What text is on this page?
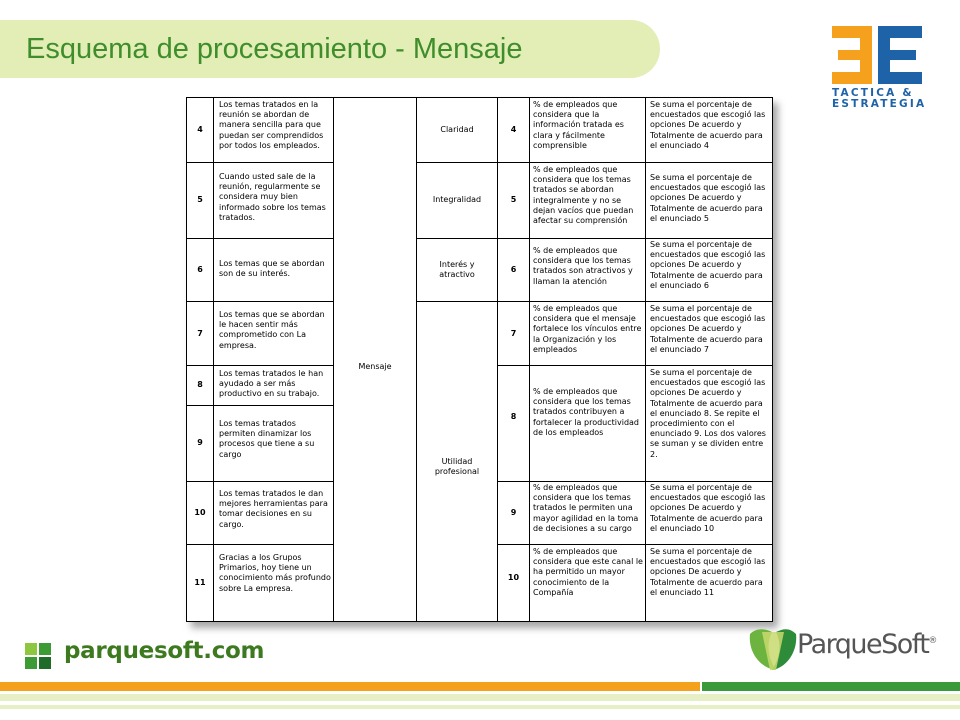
Esquema de procesamiento - Mensaje
TACTICA &
ESTRATEGIA
4
Los temas tratados en la reunión se abordan de manera sencilla para que puedan ser comprendidos por todos los empleados.
5
Cuando usted sale de la reunión, regularmente se considera muy bien informado sobre los temas tratados.
6
Los temas que se abordan son de su interés.
7
Los temas que se abordan le hacen sentir más comprometido con La empresa.
8
Los temas tratados le han ayudado a ser más productivo en su trabajo.
9
Los temas tratados permiten dinamizar los procesos que tiene a su cargo
10
Los temas tratados le dan mejores herramientas para tomar decisiones en su cargo.
11
Gracias a los Grupos Primarios, hoy tiene un conocimiento más profundo sobre La empresa.
Mensaje
Claridad
Integralidad
Interés y atractivo
Utilidad profesional
4
% de empleados que considera que la información tratada es clara y fácilmente comprensible
Se suma el porcentaje de encuestados que escogió las opciones De acuerdo y Totalmente de acuerdo para el enunciado 4
5
% de empleados que considera que los temas tratados se abordan integralmente y no se dejan vacíos que puedan afectar su comprensión
Se suma el porcentaje de encuestados que escogió las opciones De acuerdo y Totalmente de acuerdo para el enunciado 5
6
% de empleados que considera que los temas tratados son atractivos y llaman la atención
Se suma el porcentaje de encuestados que escogió las opciones De acuerdo y Totalmente de acuerdo para el enunciado 6
7
% de empleados que considera que el mensaje fortalece los vínculos entre la Organización y los empleados
Se suma el porcentaje de encuestados que escogió las opciones De acuerdo y Totalmente de acuerdo para el enunciado 7
8
% de empleados que considera que los temas tratados contribuyen a fortalecer la productividad de los empleados
Se suma el porcentaje de encuestados que escogió las opciones De acuerdo y Totalmente de acuerdo para el enunciado 8. Se repite el procedimiento con el enunciado 9. Los dos valores se suman y se dividen entre 2.
9
% de empleados que considera que los temas tratados le permiten una mayor agilidad en la toma de decisiones a su cargo
Se suma el porcentaje de encuestados que escogió las opciones De acuerdo y Totalmente de acuerdo para el enunciado 10
10
% de empleados que considera que este canal le ha permitido un mayor conocimiento de la Compañía
Se suma el porcentaje de encuestados que escogió las opciones De acuerdo y Totalmente de acuerdo para el enunciado 11
parquesoft.com	ParqueSoft®
